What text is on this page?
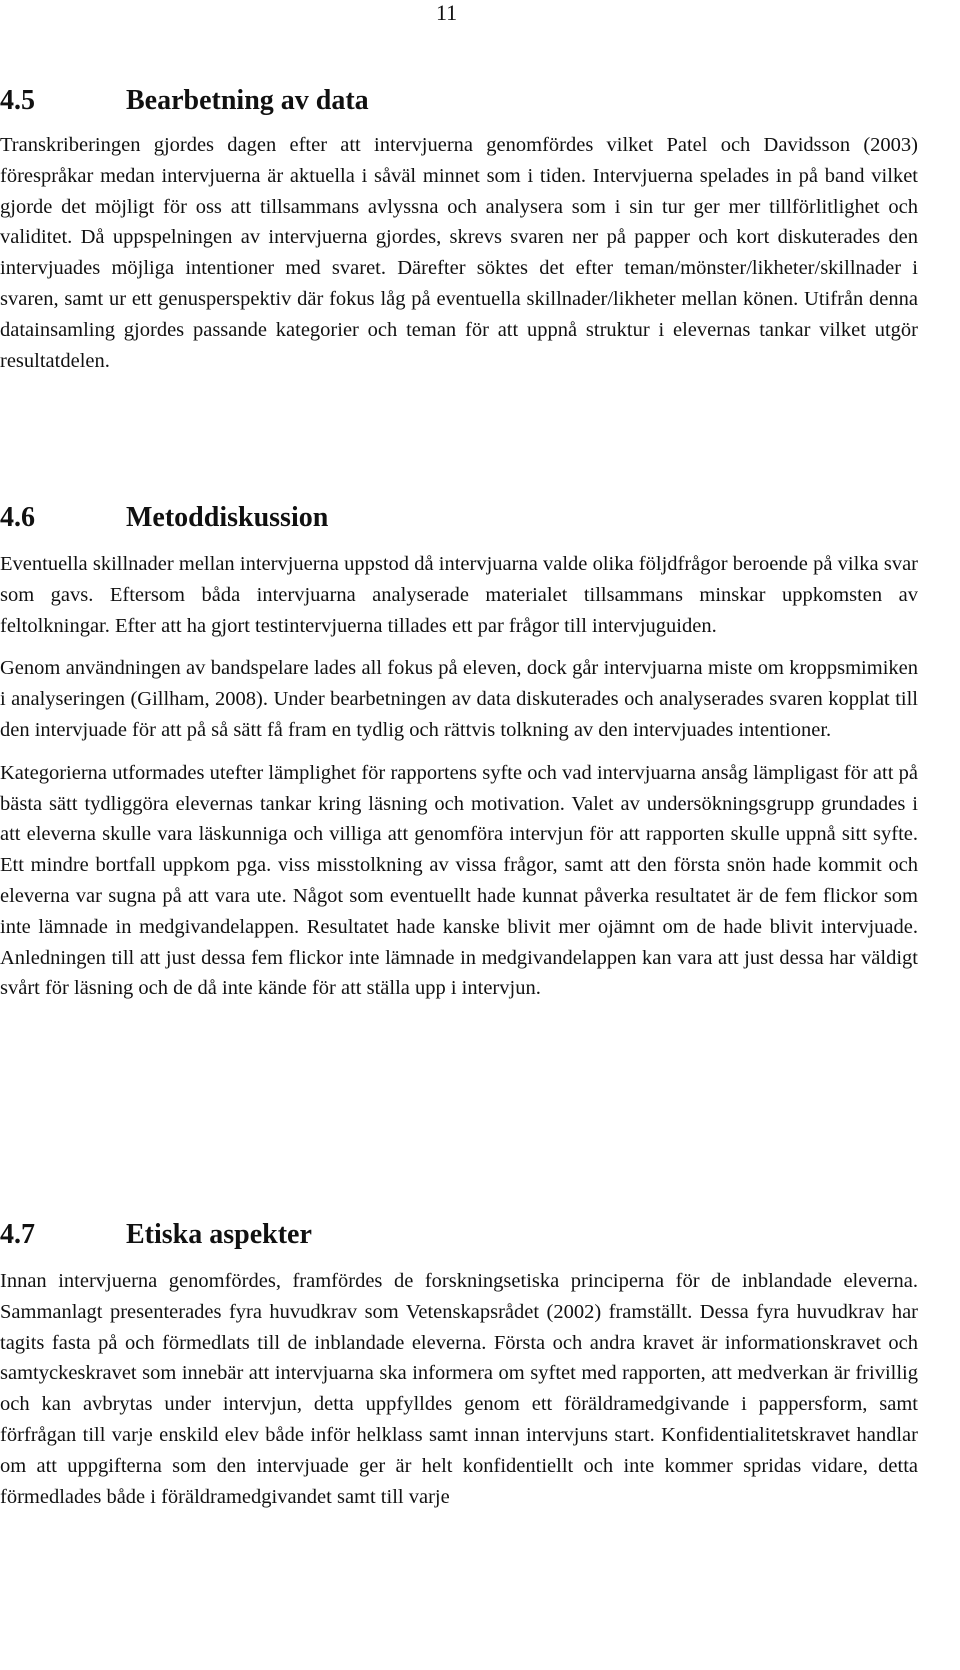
11
4.5	Bearbetning av data

Transkriberingen gjordes dagen efter att intervjuerna genomfördes vilket Patel och Davidsson (2003) förespråkar medan intervjuerna är aktuella i såväl minnet som i tiden. Intervjuerna spelades in på band vilket gjorde det möjligt för oss att tillsammans avlyssna och analysera som i sin tur ger mer tillförlitlighet och validitet. Då uppspelningen av intervjuerna gjordes, skrevs svaren ner på papper och kort diskuterades den intervjuades möjliga intentioner med svaret. Därefter söktes det efter teman/mönster/likheter/skillnader i svaren, samt ur ett genusperspektiv där fokus låg på eventuella skillnader/likheter mellan könen. Utifrån denna datainsamling gjordes passande kategorier och teman för att uppnå struktur i elevernas tankar vilket utgör resultatdelen.

4.6	Metoddiskussion

Eventuella skillnader mellan intervjuerna uppstod då intervjuarna valde olika följdfrågor beroende på vilka svar som gavs. Eftersom båda intervjuarna analyserade materialet tillsammans minskar uppkomsten av feltolkningar. Efter att ha gjort testintervjuerna tillades ett par frågor till intervjuguiden.

Genom användningen av bandspelare lades all fokus på eleven, dock går intervjuarna miste om kroppsmimiken i analyseringen (Gillham, 2008). Under bearbetningen av data diskuterades och analyserades svaren kopplat till den intervjuade för att på så sätt få fram en tydlig och rättvis tolkning av den intervjuades intentioner.

Kategorierna utformades utefter lämplighet för rapportens syfte och vad intervjuarna ansåg lämpligast för att på bästa sätt tydliggöra elevernas tankar kring läsning och motivation. Valet av undersökningsgrupp grundades i att eleverna skulle vara läskunniga och villiga att genomföra intervjun för att rapporten skulle uppnå sitt syfte. Ett mindre bortfall uppkom pga. viss misstolkning av vissa frågor, samt att den första snön hade kommit och eleverna var sugna på att vara ute. Något som eventuellt hade kunnat påverka resultatet är de fem flickor som inte lämnade in medgivandelappen. Resultatet hade kanske blivit mer ojämnt om de hade blivit intervjuade. Anledningen till att just dessa fem flickor inte lämnade in medgivandelappen kan vara att just dessa har väldigt svårt för läsning och de då inte kände för att ställa upp i intervjun.

4.7	Etiska aspekter

Innan intervjuerna genomfördes, framfördes de forskningsetiska principerna för de inblandade eleverna. Sammanlagt presenterades fyra huvudkrav som Vetenskapsrådet (2002) framställt. Dessa fyra huvudkrav har tagits fasta på och förmedlats till de inblandade eleverna. Första och andra kravet är informationskravet och samtyckeskravet som innebär att intervjuarna ska informera om syftet med rapporten, att medverkan är frivillig och kan avbrytas under intervjun, detta uppfylldes genom ett föräldramedgivande i pappersform, samt förfrågan till varje enskild elev både inför helklass samt innan intervjuns start. Konfidentialitetskravet handlar om att uppgifterna som den intervjuade ger är helt konfidentiellt och inte kommer spridas vidare, detta förmedlades både i föräldramedgivandet samt till varje
